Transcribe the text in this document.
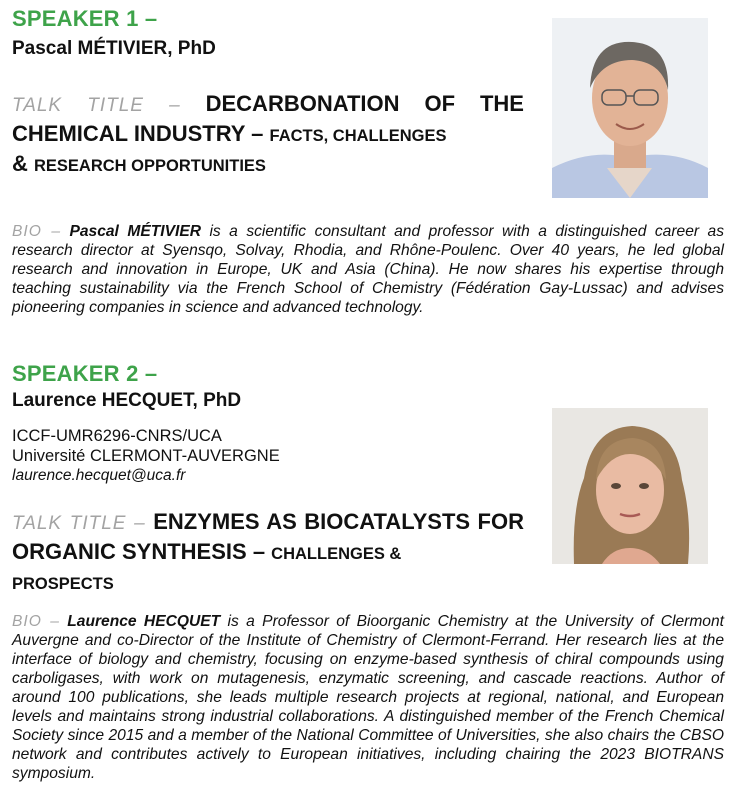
SPEAKER 1 –
Pascal MÉTIVIER, PhD
TALK TITLE – DECARBONATION OF THE CHEMICAL INDUSTRY – FACTS, CHALLENGES
& RESEARCH OPPORTUNITIES
BIO – Pascal MÉTIVIER is a scientific consultant and professor with a distinguished career as research director at Syensqo, Solvay, Rhodia, and Rhône-Poulenc. Over 40 years, he led global research and innovation in Europe, UK and Asia (China). He now shares his expertise through teaching sustainability via the French School of Chemistry (Fédération Gay-Lussac) and advises pioneering companies in science and advanced technology.
SPEAKER 2 –
Laurence HECQUET, PhD
ICCF-UMR6296-CNRS/UCA
Université CLERMONT-AUVERGNE
laurence.hecquet@uca.fr
TALK TITLE – ENZYMES AS BIOCATALYSTS FOR ORGANIC SYNTHESIS – CHALLENGES &
PROSPECTS
BIO – Laurence HECQUET is a Professor of Bioorganic Chemistry at the University of Clermont Auvergne and co-Director of the Institute of Chemistry of Clermont-Ferrand. Her research lies at the interface of biology and chemistry, focusing on enzyme-based synthesis of chiral compounds using carboligases, with work on mutagenesis, enzymatic screening, and cascade reactions. Author of around 100 publications, she leads multiple research projects at regional, national, and European levels and maintains strong industrial collaborations. A distinguished member of the French Chemical Society since 2015 and a member of the National Committee of Universities, she also chairs the CBSO network and contributes actively to European initiatives, including chairing the 2023 BIOTRANS symposium.
